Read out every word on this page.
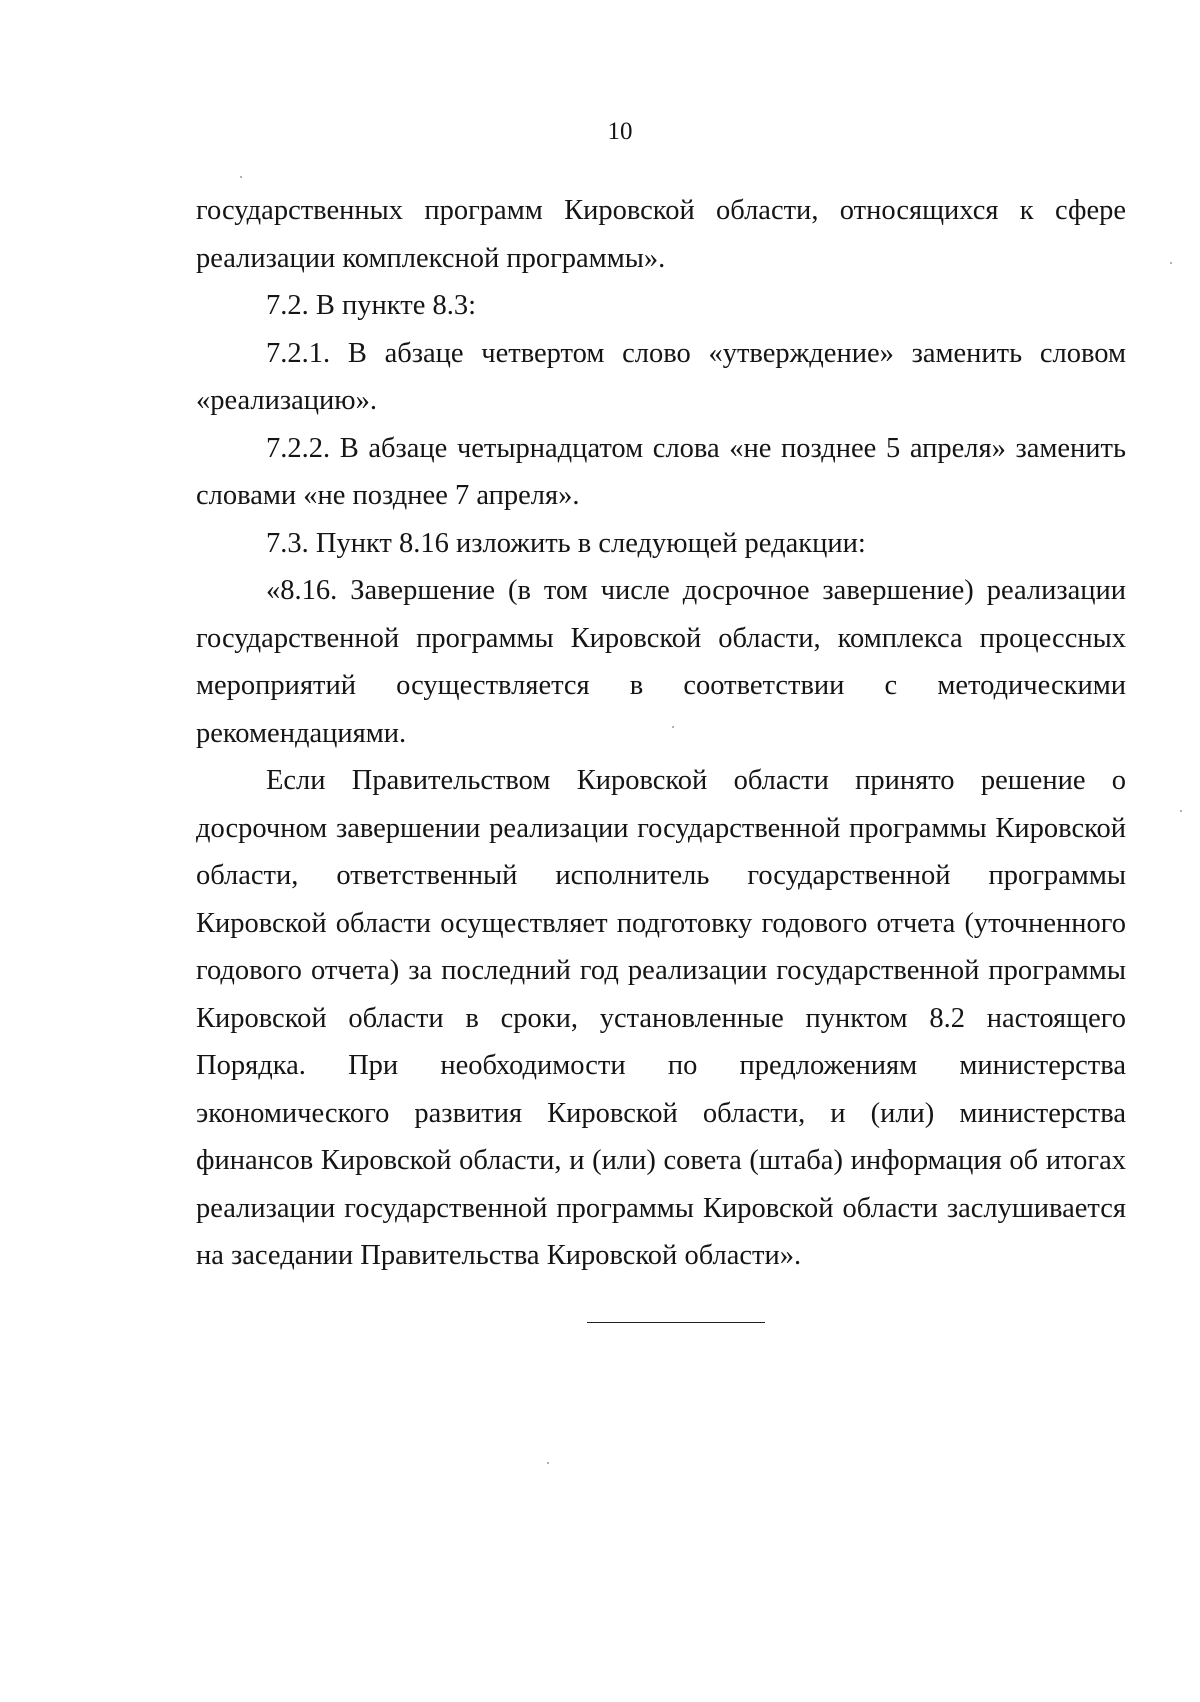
10

государственных программ Кировской области, относящихся к сфере реализации комплексной программы».

7.2. В пункте 8.3:

7.2.1. В абзаце четвертом слово «утверждение» заменить словом «реализацию».

7.2.2. В абзаце четырнадцатом слова «не позднее 5 апреля» заменить словами «не позднее 7 апреля».

7.3. Пункт 8.16 изложить в следующей редакции:

«8.16. Завершение (в том числе досрочное завершение) реализации государственной программы Кировской области, комплекса процессных мероприятий осуществляется в соответствии с методическими рекомендациями.

Если Правительством Кировской области принято решение о досрочном завершении реализации государственной программы Кировской области, ответственный исполнитель государственной программы Кировской области осуществляет подготовку годового отчета (уточненного годового отчета) за последний год реализации государственной программы Кировской области в сроки, установленные пунктом 8.2 настоящего Порядка. При необходимости по предложениям министерства экономического развития Кировской области, и (или) министерства финансов Кировской области, и (или) совета (штаба) информация об итогах реализации государственной программы Кировской области заслушивается на заседании Правительства Кировской области».
